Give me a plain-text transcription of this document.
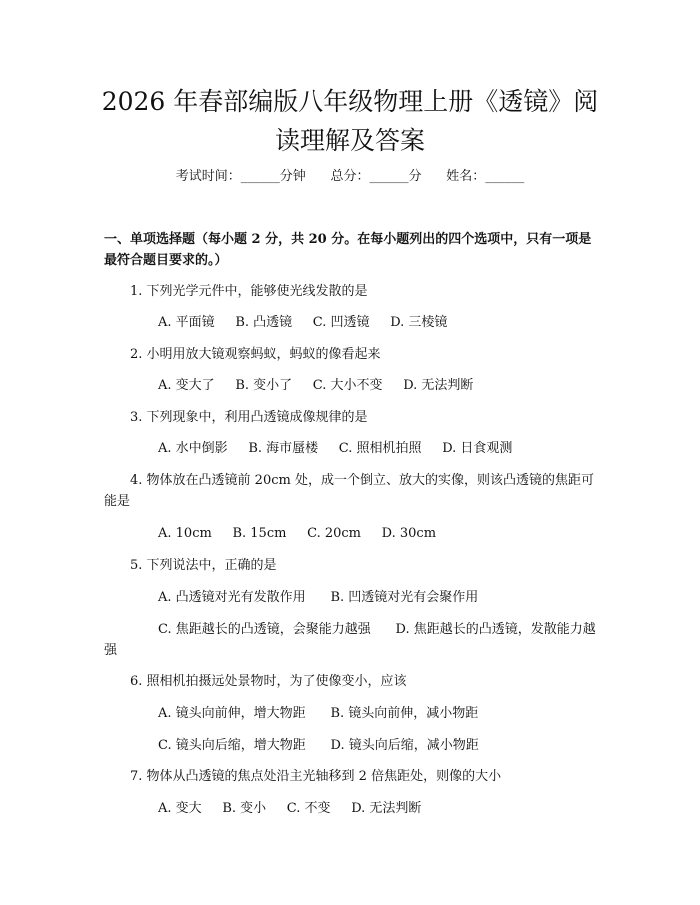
2026 年春部编版八年级物理上册《透镜》阅读理解及答案
考试时间：______分钟      总分：______分      姓名：______

一、单项选择题（每小题 2 分，共 20 分。在每小题列出的四个选项中，只有一项是最符合题目要求的。）

1. 下列光学元件中，能够使光线发散的是

A. 平面镜     B. 凸透镜     C. 凹透镜     D. 三棱镜

2. 小明用放大镜观察蚂蚁，蚂蚁的像看起来

A. 变大了     B. 变小了     C. 大小不变     D. 无法判断

3. 下列现象中，利用凸透镜成像规律的是

A. 水中倒影     B. 海市蜃楼     C. 照相机拍照     D. 日食观测

4. 物体放在凸透镜前 20cm 处，成一个倒立、放大的实像，则该凸透镜的焦距可能是

A. 10cm     B. 15cm     C. 20cm     D. 30cm

5. 下列说法中，正确的是

A. 凸透镜对光有发散作用      B. 凹透镜对光有会聚作用

C. 焦距越长的凸透镜，会聚能力越强      D. 焦距越长的凸透镜，发散能力越强

6. 照相机拍摄远处景物时，为了使像变小，应该

A. 镜头向前伸，增大物距      B. 镜头向前伸，减小物距

C. 镜头向后缩，增大物距      D. 镜头向后缩，减小物距

7. 物体从凸透镜的焦点处沿主光轴移到 2 倍焦距处，则像的大小

A. 变大     B. 变小     C. 不变     D. 无法判断
